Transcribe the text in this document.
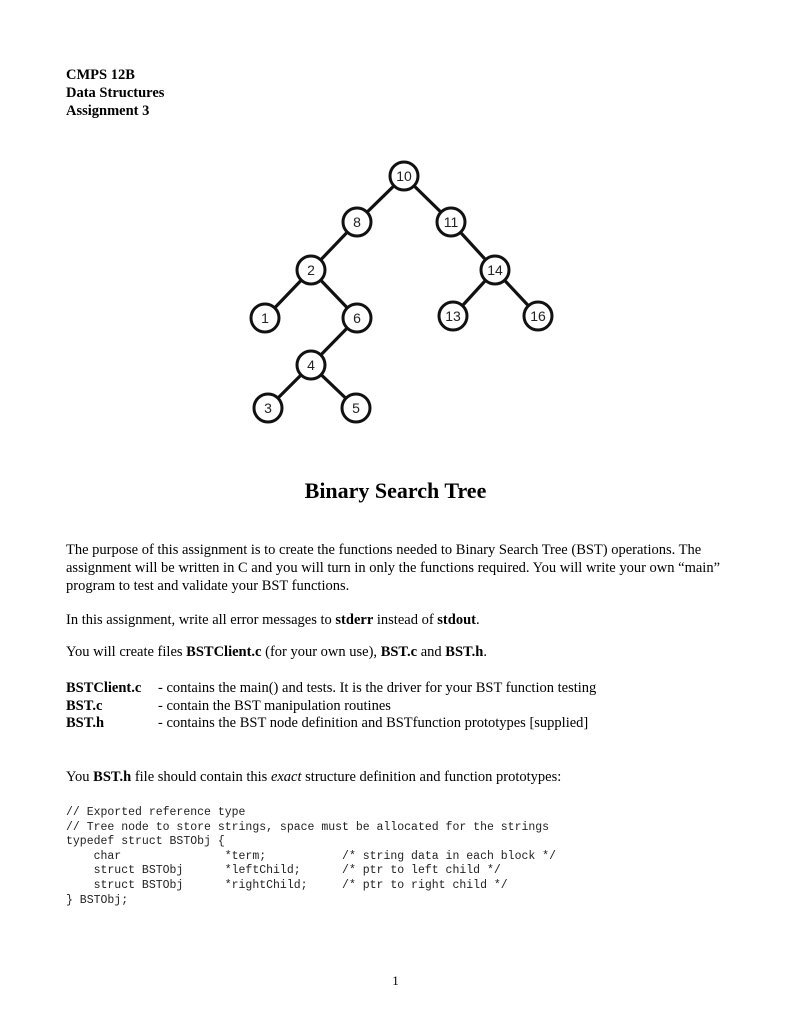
CMPS 12B
Data Structures
Assignment 3
10
8	11
2	14
1	6	13	16
4
3	5
Binary Search Tree
The purpose of this assignment is to create the functions needed to Binary Search Tree (BST) operations. The assignment will be written in C and you will turn in only the functions required. You will write your own “main” program to test and validate your BST functions.
In this assignment, write all error messages to stderr instead of stdout.
You will create files BSTClient.c (for your own use), BST.c and BST.h.
BSTClient.c	- contains the main() and tests. It is the driver for your BST function testing
BST.c	- contain the BST manipulation routines
BST.h	- contains the BST node definition and BSTfunction prototypes [supplied]
You BST.h file should contain this exact structure definition and function prototypes:
// Exported reference type
// Tree node to store strings, space must be allocated for the strings
typedef struct BSTObj {
char               *term;           /* string data in each block */
struct BSTObj      *leftChild;      /* ptr to left child */
struct BSTObj      *rightChild;     /* ptr to right child */
} BSTObj;
1
